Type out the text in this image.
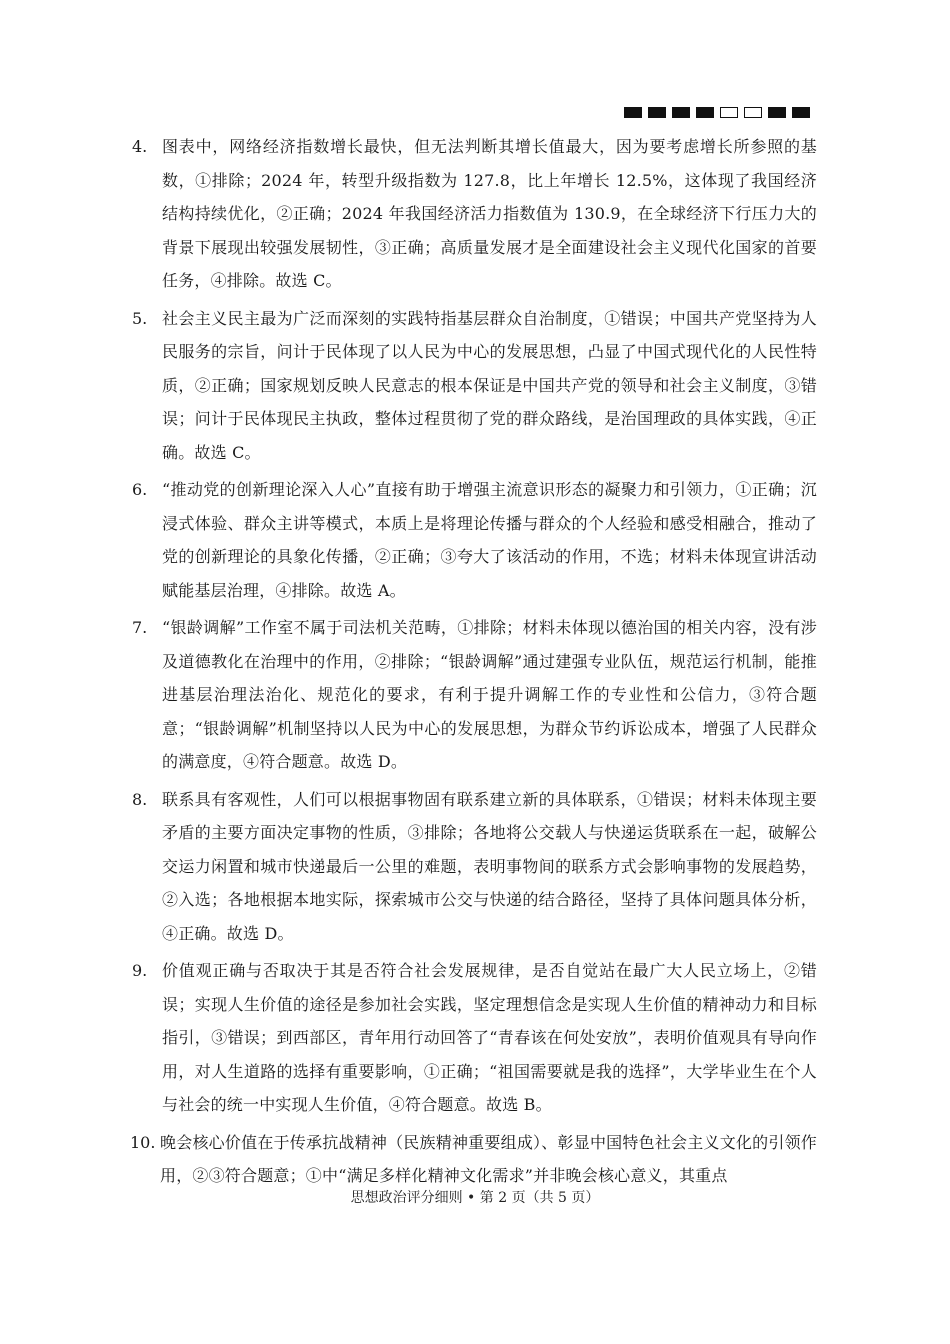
4. 图表中，网络经济指数增长最快，但无法判断其增长值最大，因为要考虑增长所参照的基数，①排除；2024 年，转型升级指数为 127.8，比上年增长 12.5%，这体现了我国经济结构持续优化，②正确；2024 年我国经济活力指数值为 130.9，在全球经济下行压力大的背景下展现出较强发展韧性，③正确；高质量发展才是全面建设社会主义现代化国家的首要任务，④排除。故选 C。
5. 社会主义民主最为广泛而深刻的实践特指基层群众自治制度，①错误；中国共产党坚持为人民服务的宗旨，问计于民体现了以人民为中心的发展思想，凸显了中国式现代化的人民性特质，②正确；国家规划反映人民意志的根本保证是中国共产党的领导和社会主义制度，③错误；问计于民体现民主执政，整体过程贯彻了党的群众路线，是治国理政的具体实践，④正确。故选 C。
6. “推动党的创新理论深入人心”直接有助于增强主流意识形态的凝聚力和引领力，①正确；沉浸式体验、群众主讲等模式，本质上是将理论传播与群众的个人经验和感受相融合，推动了党的创新理论的具象化传播，②正确；③夸大了该活动的作用，不选；材料未体现宣讲活动赋能基层治理，④排除。故选 A。
7. “银龄调解”工作室不属于司法机关范畴，①排除；材料未体现以德治国的相关内容，没有涉及道德教化在治理中的作用，②排除；“银龄调解”通过建强专业队伍，规范运行机制，能推进基层治理法治化、规范化的要求，有利于提升调解工作的专业性和公信力，③符合题意；“银龄调解”机制坚持以人民为中心的发展思想，为群众节约诉讼成本，增强了人民群众的满意度，④符合题意。故选 D。
8. 联系具有客观性，人们可以根据事物固有联系建立新的具体联系，①错误；材料未体现主要矛盾的主要方面决定事物的性质，③排除；各地将公交载人与快递运货联系在一起，破解公交运力闲置和城市快递最后一公里的难题，表明事物间的联系方式会影响事物的发展趋势，②入选；各地根据本地实际，探索城市公交与快递的结合路径，坚持了具体问题具体分析，④正确。故选 D。
9. 价值观正确与否取决于其是否符合社会发展规律，是否自觉站在最广大人民立场上，②错误；实现人生价值的途径是参加社会实践，坚定理想信念是实现人生价值的精神动力和目标指引，③错误；到西部区，青年用行动回答了“青春该在何处安放”，表明价值观具有导向作用，对人生道路的选择有重要影响，①正确；“祖国需要就是我的选择”，大学毕业生在个人与社会的统一中实现人生价值，④符合题意。故选 B。
10. 晚会核心价值在于传承抗战精神（民族精神重要组成）、彰显中国特色社会主义文化的引领作用，②③符合题意；①中“满足多样化精神文化需求”并非晚会核心意义，其重点
思想政治评分细则 • 第 2 页（共 5 页）
